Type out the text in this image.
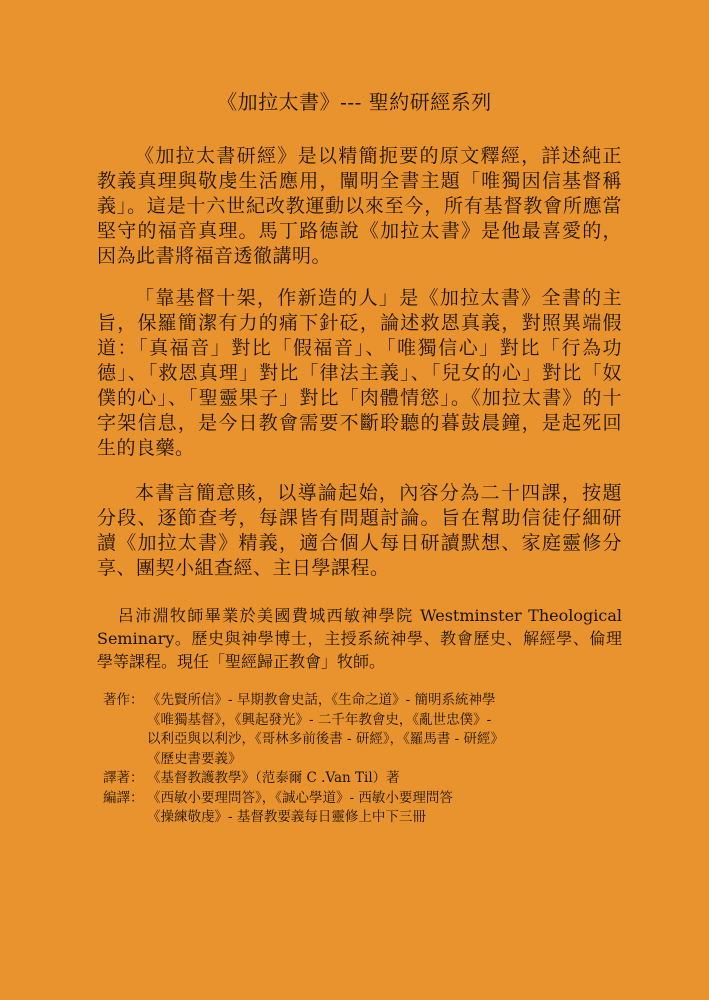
《加拉太書》--- 聖約研經系列

《加拉太書研經》是以精簡扼要的原文釋經，詳述純正教義真理與敬虔生活應用，闡明全書主題「唯獨因信基督稱義」。這是十六世紀改教運動以來至今，所有基督教會所應當堅守的福音真理。馬丁路德說《加拉太書》是他最喜愛的，因為此書將福音透徹講明。

「靠基督十架，作新造的人」是《加拉太書》全書的主旨，保羅簡潔有力的痛下針砭，論述救恩真義，對照異端假道：「真福音」對比「假福音」、「唯獨信心」對比「行為功德」、「救恩真理」對比「律法主義」、「兒女的心」對比「奴僕的心」、「聖靈果子」對比「肉體情慾」。《加拉太書》的十字架信息，是今日教會需要不斷聆聽的暮鼓晨鐘，是起死回生的良藥。

本書言簡意賅，以導論起始，內容分為二十四課，按題分段、逐節查考，每課皆有問題討論。旨在幫助信徒仔細研讀《加拉太書》精義，適合個人每日研讀默想、家庭靈修分享、團契小組查經、主日學課程。

呂沛淵牧師畢業於美國費城西敏神學院 Westminster Theological Seminary。歷史與神學博士，主授系統神學、教會歷史、解經學、倫理學等課程。現任「聖經歸正教會」牧師。

著作： 《先賢所信》- 早期教會史話，《生命之道》- 簡明系統神學
《唯獨基督》，《興起發光》- 二千年教會史，《亂世忠僕》-
以利亞與以利沙，《哥林多前後書 - 研經》，《羅馬書 - 研經》
《歷史書要義》
譯著： 《基督教護教學》（范泰爾 C .Van Til）著
編譯： 《西敏小要理問答》，《誠心學道》- 西敏小要理問答
《操練敬虔》- 基督教要義每日靈修上中下三冊
